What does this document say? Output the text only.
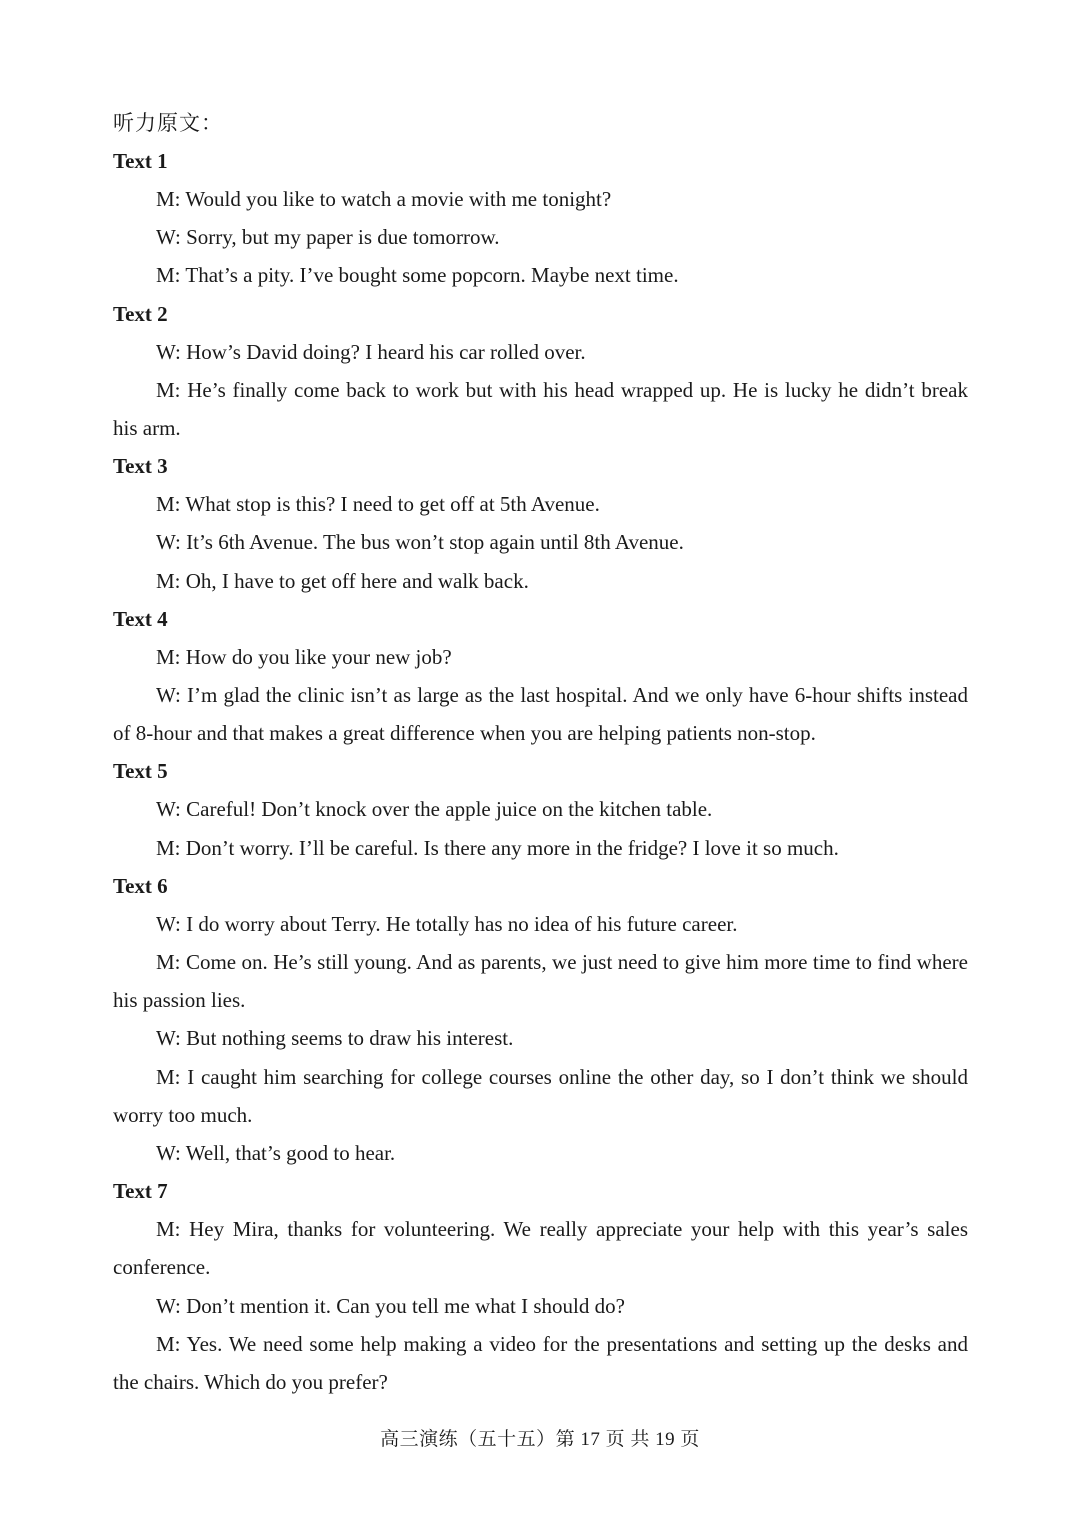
听力原文：
Text 1

M: Would you like to watch a movie with me tonight?

W: Sorry, but my paper is due tomorrow.

M: That’s a pity. I’ve bought some popcorn. Maybe next time.

Text 2

W: How’s David doing? I heard his car rolled over.

M: He’s finally come back to work but with his head wrapped up. He is lucky he didn’t break his arm.

Text 3

M: What stop is this? I need to get off at 5th Avenue.

W: It’s 6th Avenue. The bus won’t stop again until 8th Avenue.

M: Oh, I have to get off here and walk back.

Text 4

M: How do you like your new job?

W: I’m glad the clinic isn’t as large as the last hospital. And we only have 6-hour shifts instead of 8-hour and that makes a great difference when you are helping patients non-stop.

Text 5

W: Careful! Don’t knock over the apple juice on the kitchen table.

M: Don’t worry. I’ll be careful. Is there any more in the fridge? I love it so much.

Text 6

W: I do worry about Terry. He totally has no idea of his future career.

M: Come on. He’s still young. And as parents, we just need to give him more time to find where his passion lies.

W: But nothing seems to draw his interest.

M: I caught him searching for college courses online the other day, so I don’t think we should worry too much.

W: Well, that’s good to hear.

Text 7

M: Hey Mira, thanks for volunteering. We really appreciate your help with this year’s sales conference.

W: Don’t mention it. Can you tell me what I should do?

M: Yes. We need some help making a video for the presentations and setting up the desks and the chairs. Which do you prefer?

高三演练（五十五）第 17 页 共 19 页
